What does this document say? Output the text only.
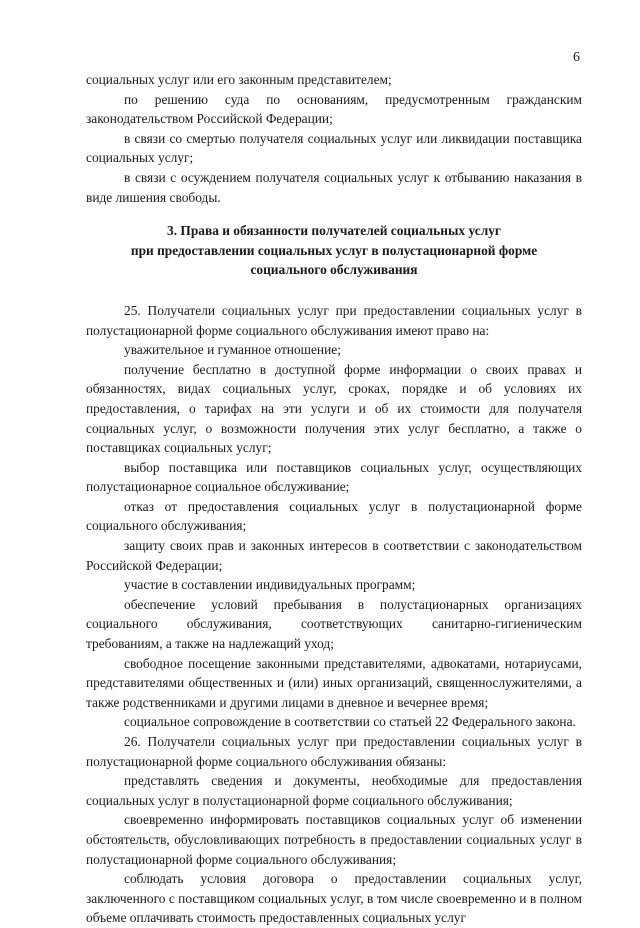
6

социальных услуг или его законным представителем;

по решению суда по основаниям, предусмотренным гражданским законодательством Российской Федерации;

в связи со смертью получателя социальных услуг или ликвидации поставщика социальных услуг;

в связи с осуждением получателя социальных услуг к отбыванию наказания в виде лишения свободы.

3. Права и обязанности получателей социальных услуг
при предоставлении социальных услуг в полустационарной форме
социального обслуживания

25. Получатели социальных услуг при предоставлении социальных услуг в полустационарной форме социального обслуживания имеют право на:

уважительное и гуманное отношение;

получение бесплатно в доступной форме информации о своих правах и обязанностях, видах социальных услуг, сроках, порядке и об условиях их предоставления, о тарифах на эти услуги и об их стоимости для получателя социальных услуг, о возможности получения этих услуг бесплатно, а также о поставщиках социальных услуг;

выбор поставщика или поставщиков социальных услуг, осуществляющих полустационарное социальное обслуживание;

отказ от предоставления социальных услуг в полустационарной форме социального обслуживания;

защиту своих прав и законных интересов в соответствии с законодательством Российской Федерации;

участие в составлении индивидуальных программ;

обеспечение условий пребывания в полустационарных организациях социального обслуживания, соответствующих санитарно-гигиеническим требованиям, а также на надлежащий уход;

свободное посещение законными представителями, адвокатами, нотариусами, представителями общественных и (или) иных организаций, священнослужителями, а также родственниками и другими лицами в дневное и вечернее время;

социальное сопровождение в соответствии со статьей 22 Федерального закона.

26. Получатели социальных услуг при предоставлении социальных услуг в полустационарной форме социального обслуживания обязаны:

представлять сведения и документы, необходимые для предоставления социальных услуг в полустационарной форме социального обслуживания;

своевременно информировать поставщиков социальных услуг об изменении обстоятельств, обусловливающих потребность в предоставлении социальных услуг в полустационарной форме социального обслуживания;

соблюдать условия договора о предоставлении социальных услуг, заключенного с поставщиком социальных услуг, в том числе своевременно и в полном объеме оплачивать стоимость предоставленных социальных услуг
